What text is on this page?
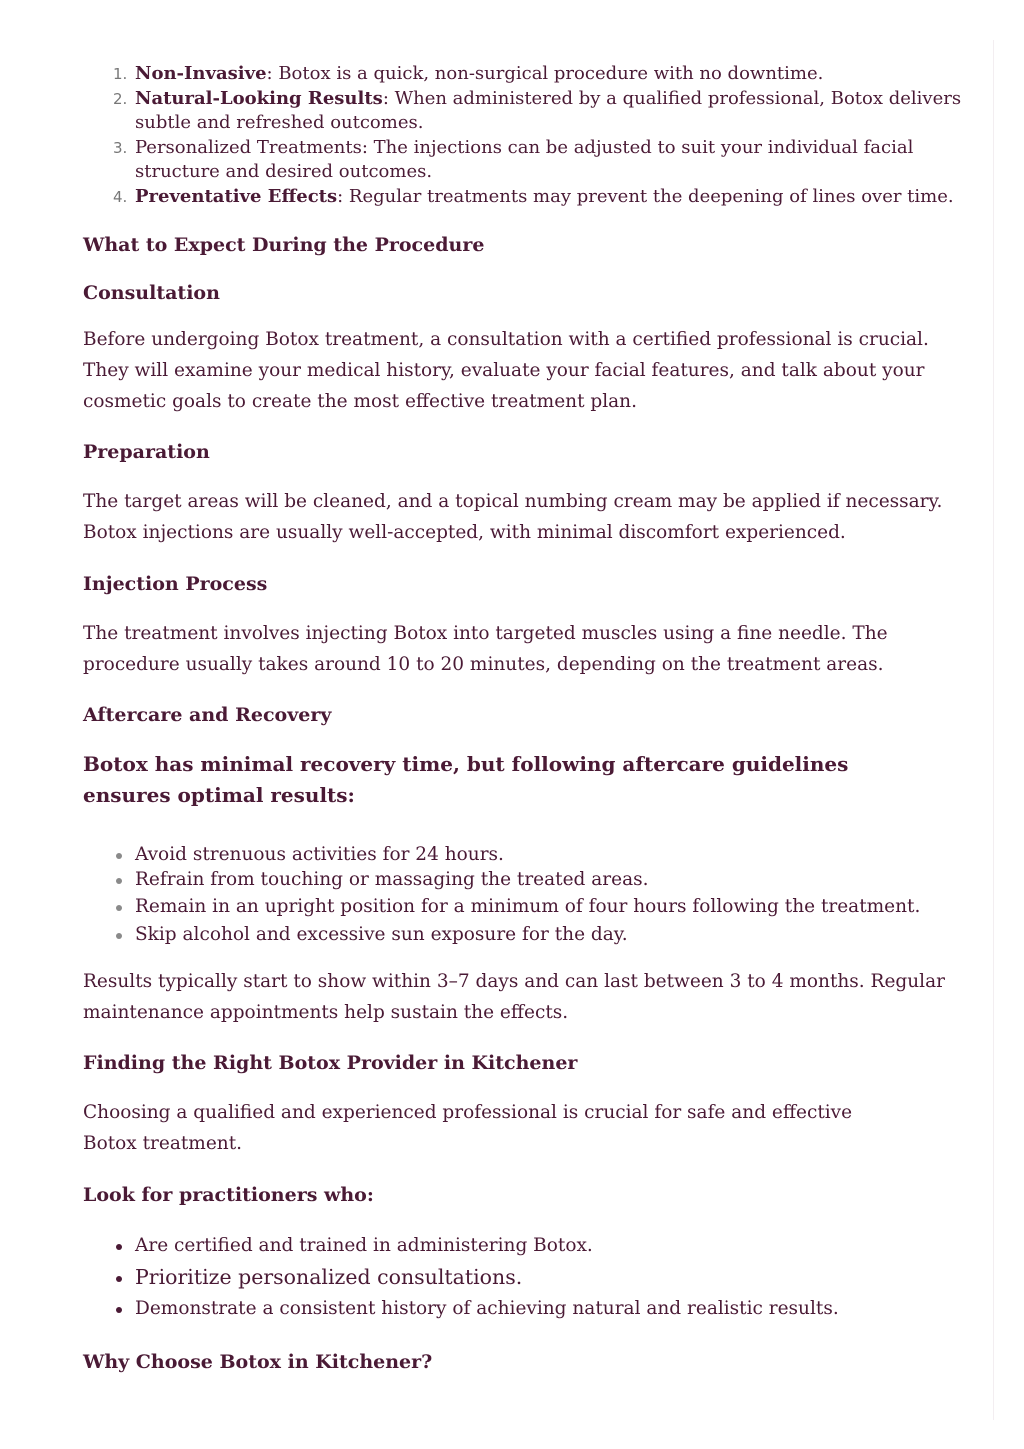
1. Non-Invasive: Botox is a quick, non-surgical procedure with no downtime.
2. Natural-Looking Results: When administered by a qualified professional, Botox delivers subtle and refreshed outcomes.
3. Personalized Treatments: The injections can be adjusted to suit your individual facial structure and desired outcomes.
4. Preventative Effects: Regular treatments may prevent the deepening of lines over time.
What to Expect During the Procedure
Consultation

Before undergoing Botox treatment, a consultation with a certified professional is crucial. They will examine your medical history, evaluate your facial features, and talk about your cosmetic goals to create the most effective treatment plan.

Preparation

The target areas will be cleaned, and a topical numbing cream may be applied if necessary. Botox injections are usually well-accepted, with minimal discomfort experienced.

Injection Process

The treatment involves injecting Botox into targeted muscles using a fine needle. The procedure usually takes around 10 to 20 minutes, depending on the treatment areas.

Aftercare and Recovery

Botox has minimal recovery time, but following aftercare guidelines ensures optimal results:

Avoid strenuous activities for 24 hours.
Refrain from touching or massaging the treated areas.
Remain in an upright position for a minimum of four hours following the treatment.
Skip alcohol and excessive sun exposure for the day.

Results typically start to show within 3–7 days and can last between 3 to 4 months. Regular maintenance appointments help sustain the effects.

Finding the Right Botox Provider in Kitchener

Choosing a qualified and experienced professional is crucial for safe and effective Botox treatment.

Look for practitioners who:
Are certified and trained in administering Botox.
Prioritize personalized consultations.
Demonstrate a consistent history of achieving natural and realistic results.
Why Choose Botox in Kitchener?
